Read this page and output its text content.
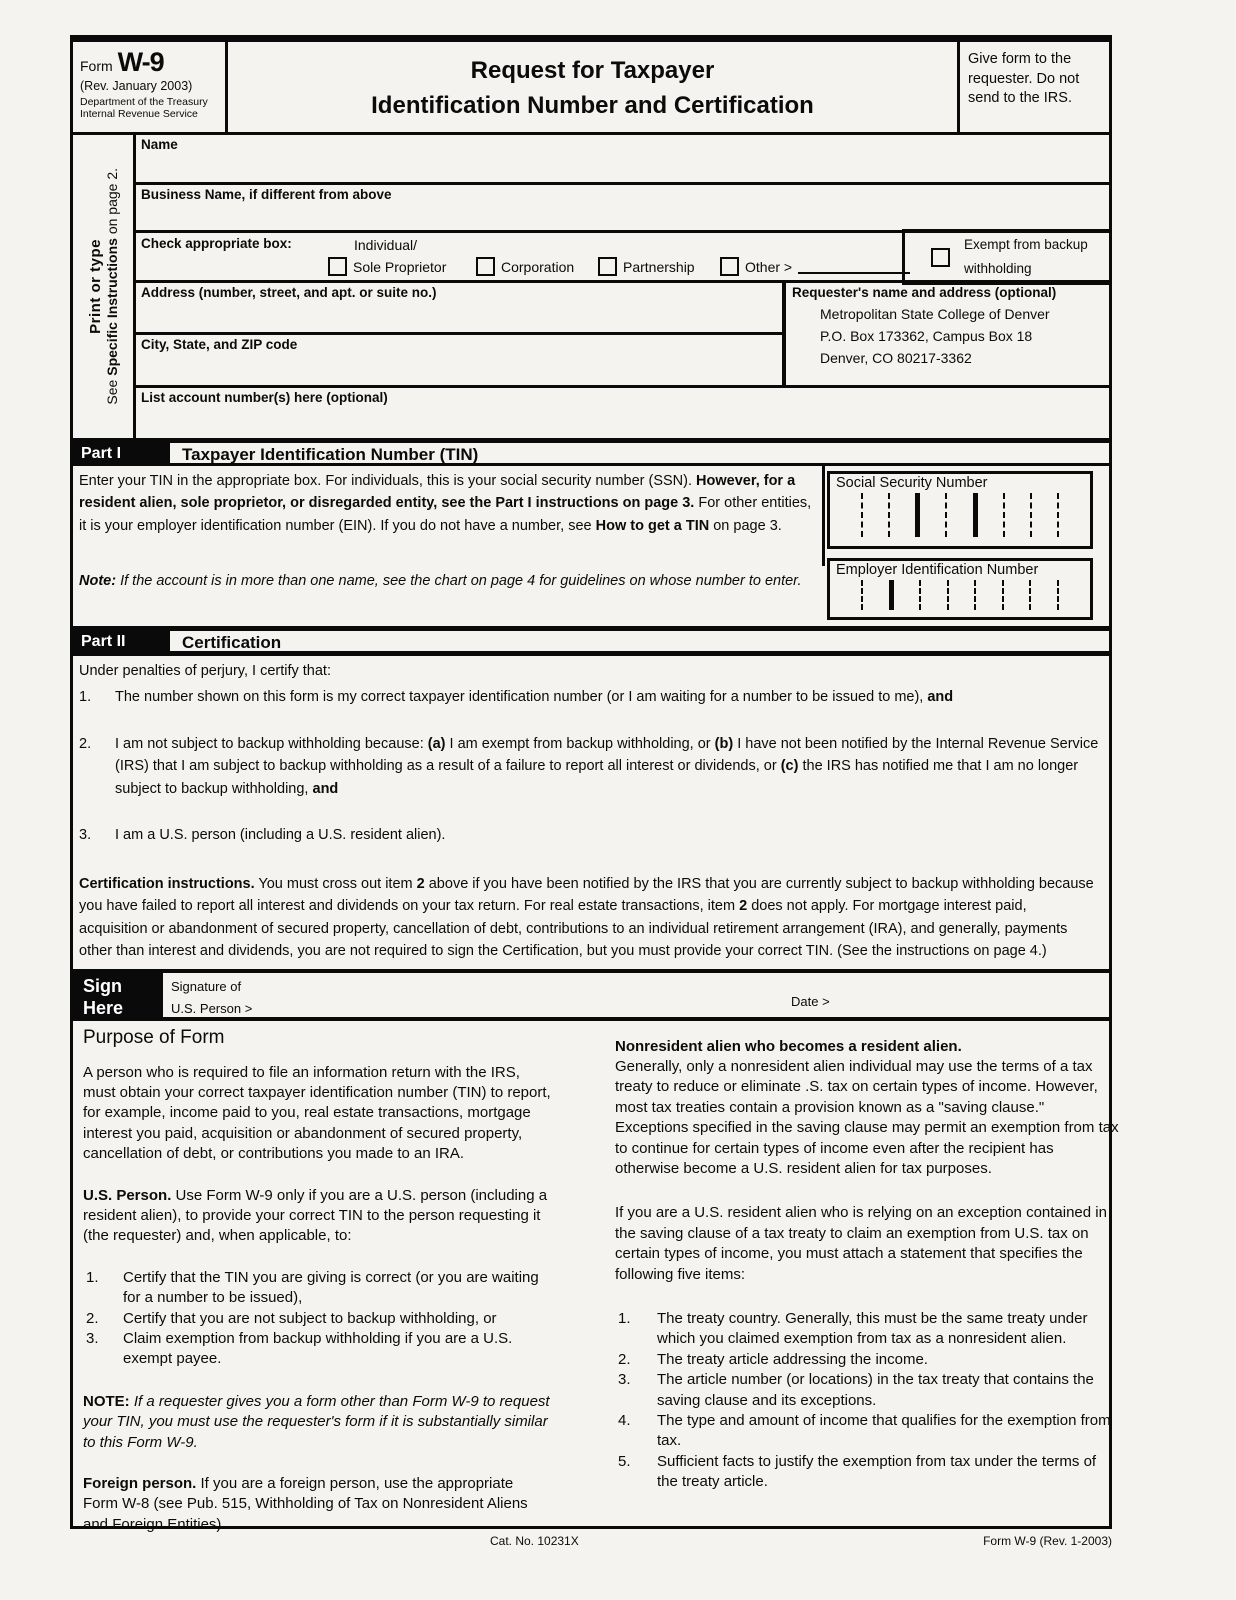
Form W-9
(Rev. January 2003)
Department of the Treasury
Internal Revenue Service
Request for Taxpayer
Identification Number and Certification
Give form to the requester. Do not send to the IRS.
Print or type
See Specific Instructions on page 2.
Name
Business Name, if different from above
Check appropriate box:	Individual/
Sole Proprietor	Corporation	Partnership	Other >
Exempt from backup
withholding
Address (number, street, and apt. or suite no.)
City, State, and ZIP code
Requester's name and address (optional)
Metropolitan State College of Denver
P.O. Box 173362, Campus Box 18
Denver, CO 80217-3362
List account number(s) here (optional)
Part I	Taxpayer Identification Number (TIN)
Enter your TIN in the appropriate box. For individuals, this is your social security number (SSN). However, for a resident alien, sole proprietor, or disregarded entity, see the Part I instructions on page 3. For other entities, it is your employer identification number (EIN). If you do not have a number, see How to get a TIN on page 3.
Note: If the account is in more than one name, see the chart on page 4 for guidelines on whose number to enter.
Social Security Number
Employer Identification Number
Part II	Certification
Under penalties of perjury, I certify that:
1.	The number shown on this form is my correct taxpayer identification number (or I am waiting for a number to be issued to me), and
2.	I am not subject to backup withholding because: (a) I am exempt from backup withholding, or (b) I have not been notified by the Internal Revenue Service (IRS) that I am subject to backup withholding as a result of a failure to report all interest or dividends, or (c) the IRS has notified me that I am no longer subject to backup withholding, and
3.	I am a U.S. person (including a U.S. resident alien).
Certification instructions. You must cross out item 2 above if you have been notified by the IRS that you are currently subject to backup withholding because you have failed to report all interest and dividends on your tax return. For real estate transactions, item 2 does not apply. For mortgage interest paid, acquisition or abandonment of secured property, cancellation of debt, contributions to an individual retirement arrangement (IRA), and generally, payments other than interest and dividends, you are not required to sign the Certification, but you must provide your correct TIN. (See the instructions on page 4.)
Sign
Here
Signature of
U.S. Person >
Date >
Purpose of Form
A person who is required to file an information return with the IRS, must obtain your correct taxpayer identification number (TIN) to report, for example, income paid to you, real estate transactions, mortgage interest you paid, acquisition or abandonment of secured property, cancellation of debt, or contributions you made to an IRA.
U.S. Person. Use Form W-9 only if you are a U.S. person (including a resident alien), to provide your correct TIN to the person requesting it (the requester) and, when applicable, to:
1.	Certify that the TIN you are giving is correct (or you are waiting for a number to be issued),
2.	Certify that you are not subject to backup withholding, or
3.	Claim exemption from backup withholding if you are a U.S. exempt payee.
NOTE: If a requester gives you a form other than Form W-9 to request your TIN, you must use the requester's form if it is substantially similar to this Form W-9.
Foreign person. If you are a foreign person, use the appropriate Form W-8 (see Pub. 515, Withholding of Tax on Nonresident Aliens and Foreign Entities).
Nonresident alien who becomes a resident alien.
Generally, only a nonresident alien individual may use the terms of a tax treaty to reduce or eliminate .S. tax on certain types of income. However, most tax treaties contain a provision known as a "saving clause." Exceptions specified in the saving clause may permit an exemption from tax to continue for certain types of income even after the recipient has otherwise become a U.S. resident alien for tax purposes.
If you are a U.S. resident alien who is relying on an exception contained in the saving clause of a tax treaty to claim an exemption from U.S. tax on certain types of income, you must attach a statement that specifies the following five items:
1.	The treaty country. Generally, this must be the same treaty under which you claimed exemption from tax as a nonresident alien.
2.	The treaty article addressing the income.
3.	The article number (or locations) in the tax treaty that contains the saving clause and its exceptions.
4.	The type and amount of income that qualifies for the exemption from tax.
5.	Sufficient facts to justify the exemption from tax under the terms of the treaty article.
Cat. No. 10231X	Form W-9 (Rev. 1-2003)
